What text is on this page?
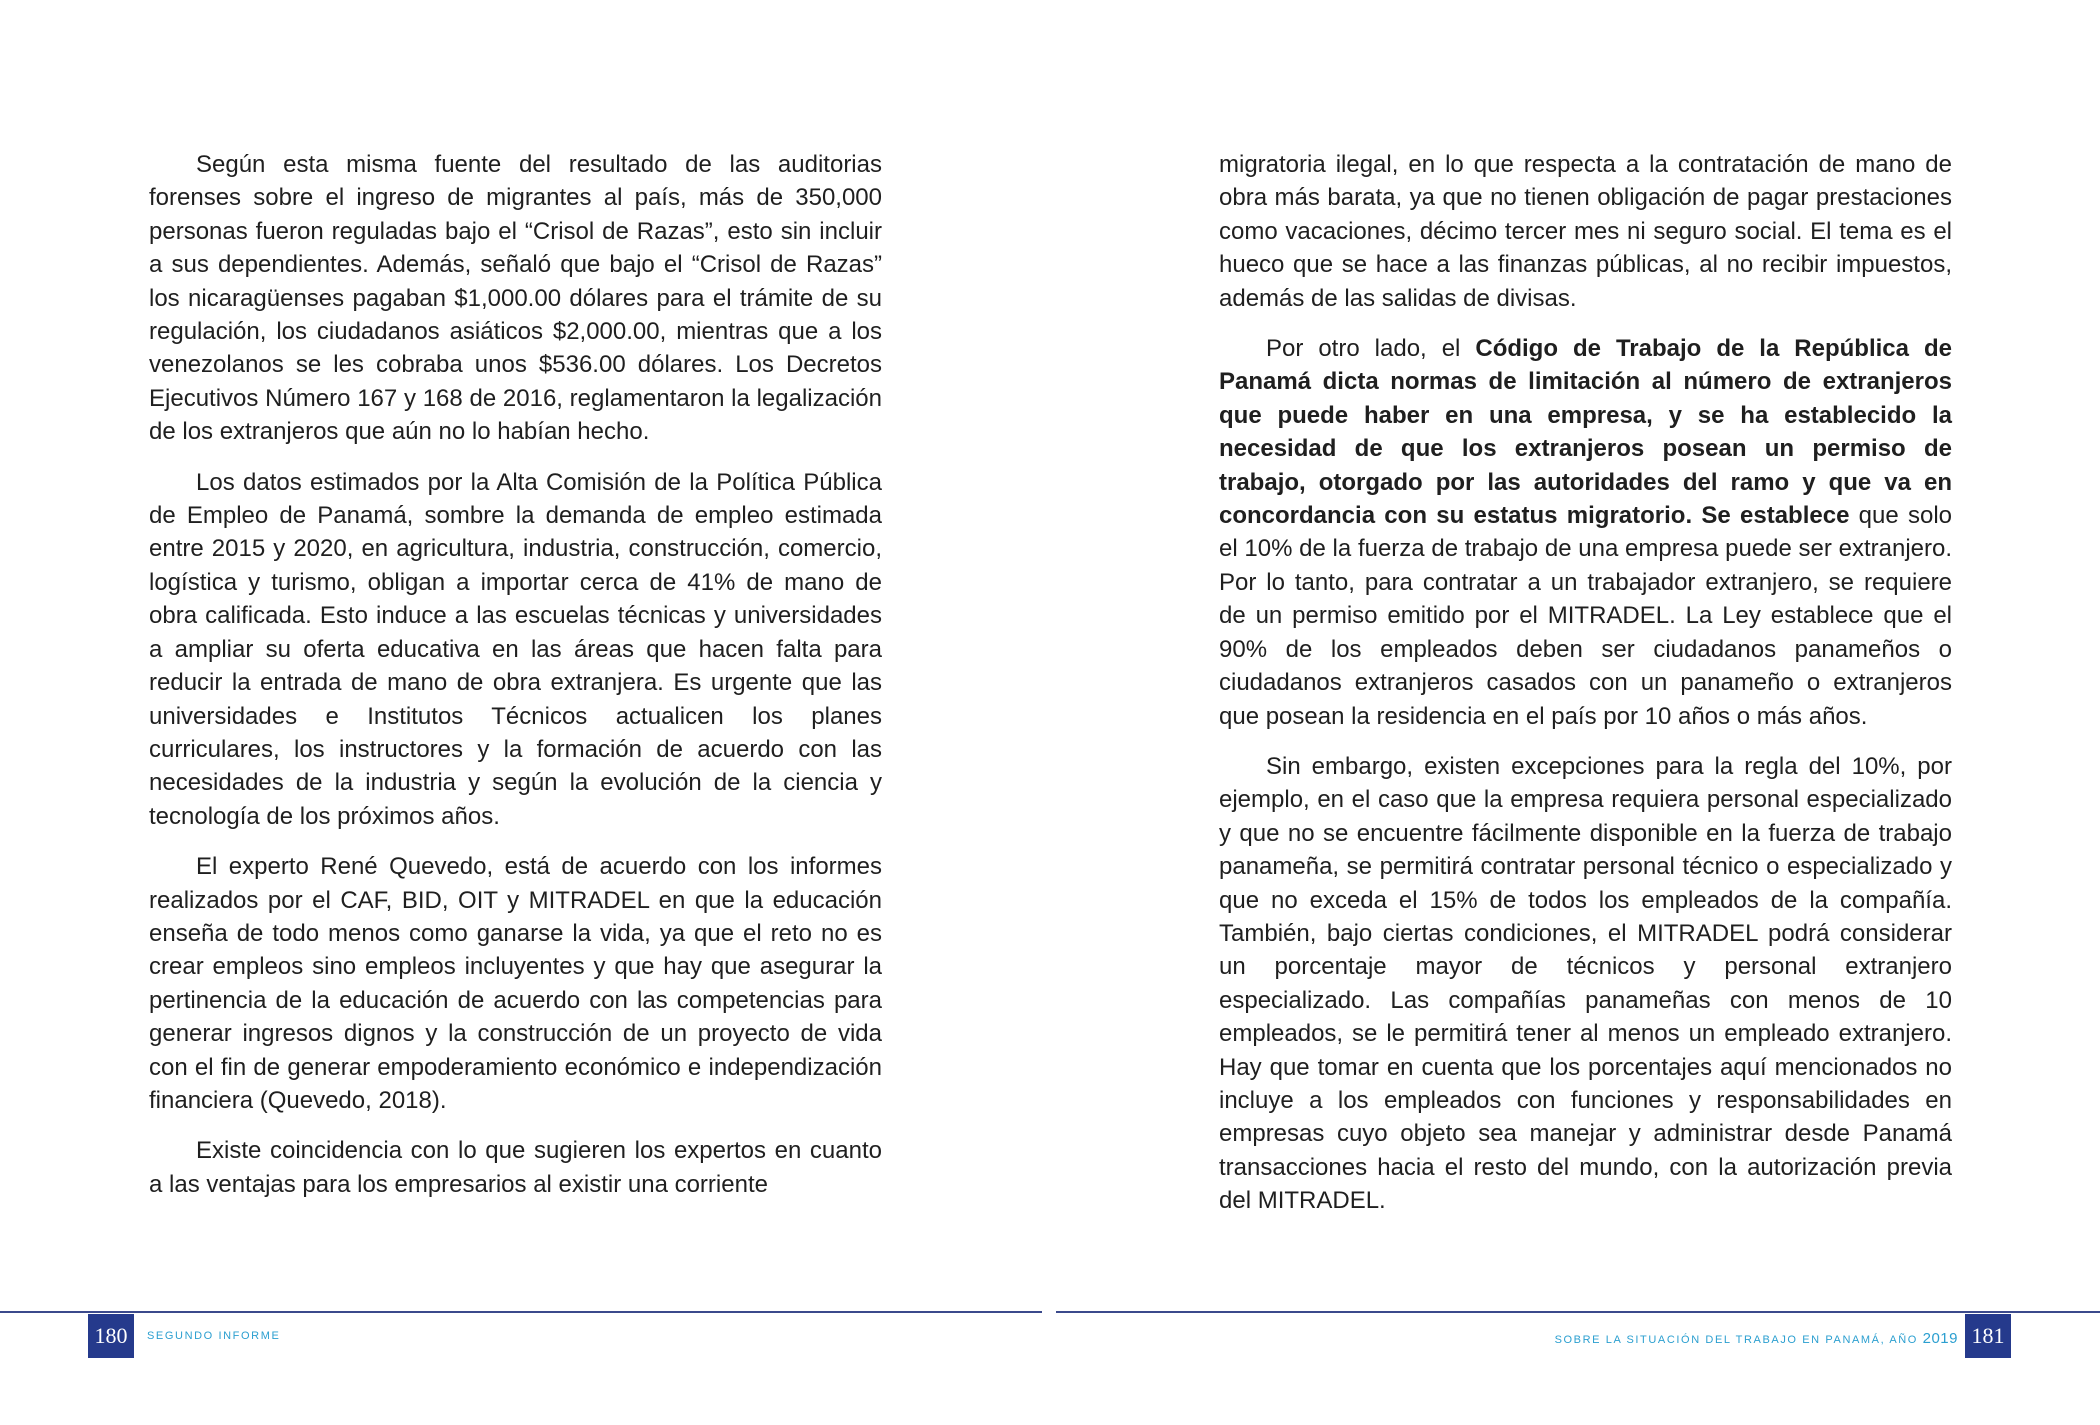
Según esta misma fuente del resultado de las auditorias forenses sobre el ingreso de migrantes al país, más de 350,000 personas fueron reguladas bajo el “Crisol de Razas”, esto sin incluir a sus dependientes. Además, señaló que bajo el “Crisol de Razas” los nicaragüenses pagaban $1,000.00 dólares para el trámite de su regulación, los ciudadanos asiáticos $2,000.00, mientras que a los venezolanos se les cobraba unos $536.00 dólares. Los Decretos Ejecutivos Número 167 y 168 de 2016, reglamentaron la legalización de los extranjeros que aún no lo habían hecho.

Los datos estimados por la Alta Comisión de la Política Pública de Empleo de Panamá, sombre la demanda de empleo estimada entre 2015 y 2020, en agricultura, industria, construcción, comercio, logística y turismo, obligan a importar cerca de 41% de mano de obra calificada. Esto induce a las escuelas técnicas y universidades a ampliar su oferta educativa en las áreas que hacen falta para reducir la entrada de mano de obra extranjera. Es urgente que las universidades e Institutos Técnicos actualicen los planes curriculares, los instructores y la formación de acuerdo con las necesidades de la industria y según la evolución de la ciencia y tecnología de los próximos años.

El experto René Quevedo, está de acuerdo con los informes realizados por el CAF, BID, OIT y MITRADEL en que la educación enseña de todo menos como ganarse la vida, ya que el reto no es crear empleos sino empleos incluyentes y que hay que asegurar la pertinencia de la educación de acuerdo con las competencias para generar ingresos dignos y la construcción de un proyecto de vida con el fin de generar empoderamiento económico e independización financiera (Quevedo, 2018).

Existe coincidencia con lo que sugieren los expertos en cuanto a las ventajas para los empresarios al existir una corriente

migratoria ilegal, en lo que respecta a la contratación de mano de obra más barata, ya que no tienen obligación de pagar prestaciones como vacaciones, décimo tercer mes ni seguro social. El tema es el hueco que se hace a las finanzas públicas, al no recibir impuestos, además de las salidas de divisas.

Por otro lado, el Código de Trabajo de la República de Panamá dicta normas de limitación al número de extranjeros que puede haber en una empresa, y se ha establecido la necesidad de que los extranjeros posean un permiso de trabajo, otorgado por las autoridades del ramo y que va en concordancia con su estatus migratorio. Se establece que solo el 10% de la fuerza de trabajo de una empresa puede ser extranjero. Por lo tanto, para contratar a un trabajador extranjero, se requiere de un permiso emitido por el MITRADEL. La Ley establece que el 90% de los empleados deben ser ciudadanos panameños o ciudadanos extranjeros casados con un panameño o extranjeros que posean la residencia en el país por 10 años o más años.

Sin embargo, existen excepciones para la regla del 10%, por ejemplo, en el caso que la empresa requiera personal especializado y que no se encuentre fácilmente disponible en la fuerza de trabajo panameña, se permitirá contratar personal técnico o especializado y que no exceda el 15% de todos los empleados de la compañía. También, bajo ciertas condiciones, el MITRADEL podrá considerar un porcentaje mayor de técnicos y personal extranjero especializado. Las compañías panameñas con menos de 10 empleados, se le permitirá tener al menos un empleado extranjero. Hay que tomar en cuenta que los porcentajes aquí mencionados no incluye a los empleados con funciones y responsabilidades en empresas cuyo objeto sea manejar y administrar desde Panamá transacciones hacia el resto del mundo, con la autorización previa del MITRADEL.

180	SEGUNDO INFORME	SOBRE LA SITUACIÓN DEL TRABAJO EN PANAMÁ, AÑO 2019 181
